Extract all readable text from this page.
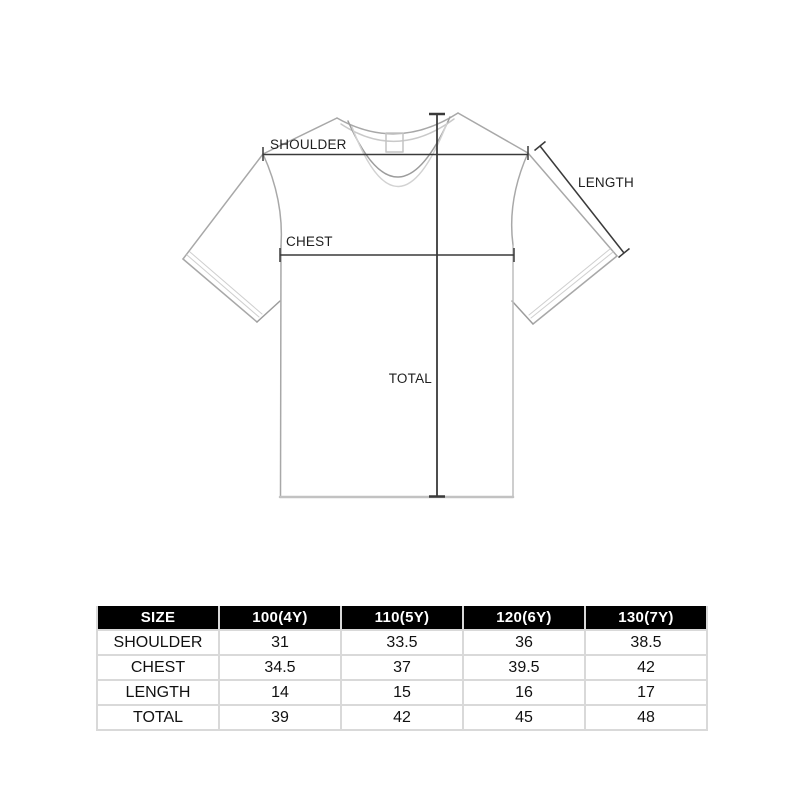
SHOULDER
CHEST
TOTAL
LENGTH
SIZE	100(4Y)	110(5Y)	120(6Y)	130(7Y)
SHOULDER	31	33.5	36	38.5
CHEST	34.5	37	39.5	42
LENGTH	14	15	16	17
TOTAL	39	42	45	48
